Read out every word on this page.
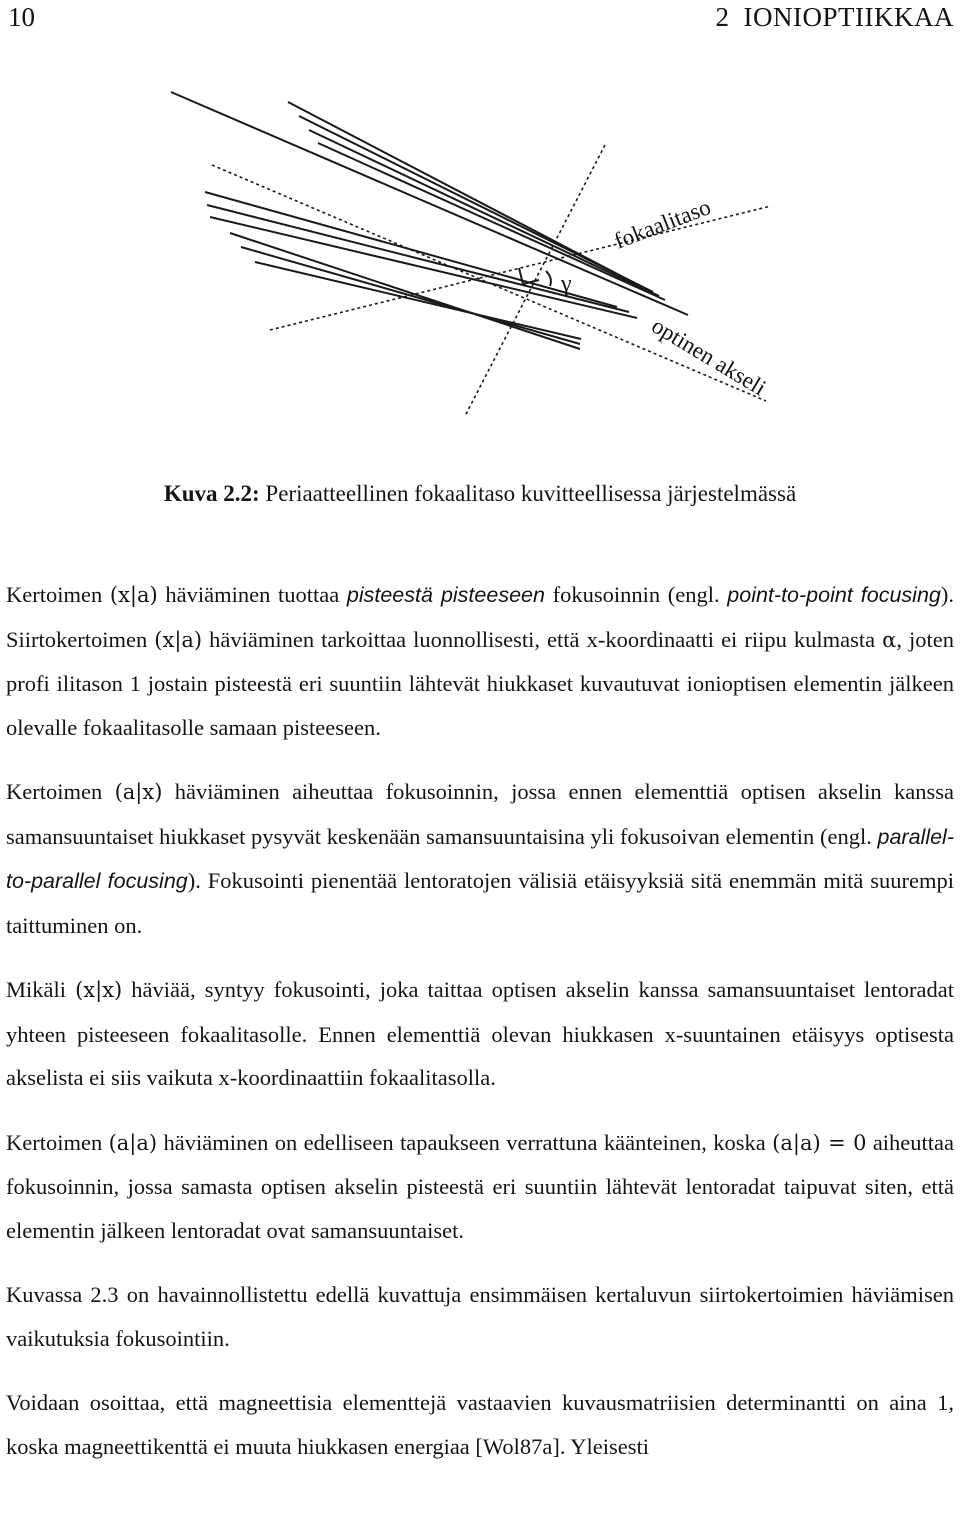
10	2 IONIOPTIIKKAA
γ
fokaalitaso
optinen akseli
Kuva 2.2: Periaatteellinen fokaalitaso kuvitteellisessa järjestelmässä

Kertoimen (x|a) häviäminen tuottaa pisteestä pisteeseen fokusoinnin (engl. point-to-point focusing). Siirtokertoimen (x|a) häviäminen tarkoittaa luonnollisesti, että x-koordinaatti ei riipu kulmasta α, joten profi ilitason 1 jostain pisteestä eri suuntiin lähtevät hiukkaset kuvautuvat ionioptisen elementin jälkeen olevalle fokaalitasolle samaan pisteeseen.

Kertoimen (a|x) häviäminen aiheuttaa fokusoinnin, jossa ennen elementtiä optisen akselin kanssa samansuuntaiset hiukkaset pysyvät keskenään samansuuntaisina yli fokusoivan elementin (engl. parallel-to-parallel focusing). Fokusointi pienentää lentoratojen välisiä etäisyyksiä sitä enemmän mitä suurempi taittuminen on.

Mikäli (x|x) häviää, syntyy fokusointi, joka taittaa optisen akselin kanssa samansuuntaiset lentoradat yhteen pisteeseen fokaalitasolle. Ennen elementtiä olevan hiukkasen x-suuntainen etäisyys optisesta akselista ei siis vaikuta x-koordinaattiin fokaalitasolla.

Kertoimen (a|a) häviäminen on edelliseen tapaukseen verrattuna käänteinen, koska (a|a) = 0 aiheuttaa fokusoinnin, jossa samasta optisen akselin pisteestä eri suuntiin lähtevät lentoradat taipuvat siten, että elementin jälkeen lentoradat ovat samansuuntaiset.

Kuvassa 2.3 on havainnollistettu edellä kuvattuja ensimmäisen kertaluvun siirtokertoimien häviämisen vaikutuksia fokusointiin.

Voidaan osoittaa, että magneettisia elementtejä vastaavien kuvausmatriisien determinantti on aina 1, koska magneettikenttä ei muuta hiukkasen energiaa [Wol87a]. Yleisesti
